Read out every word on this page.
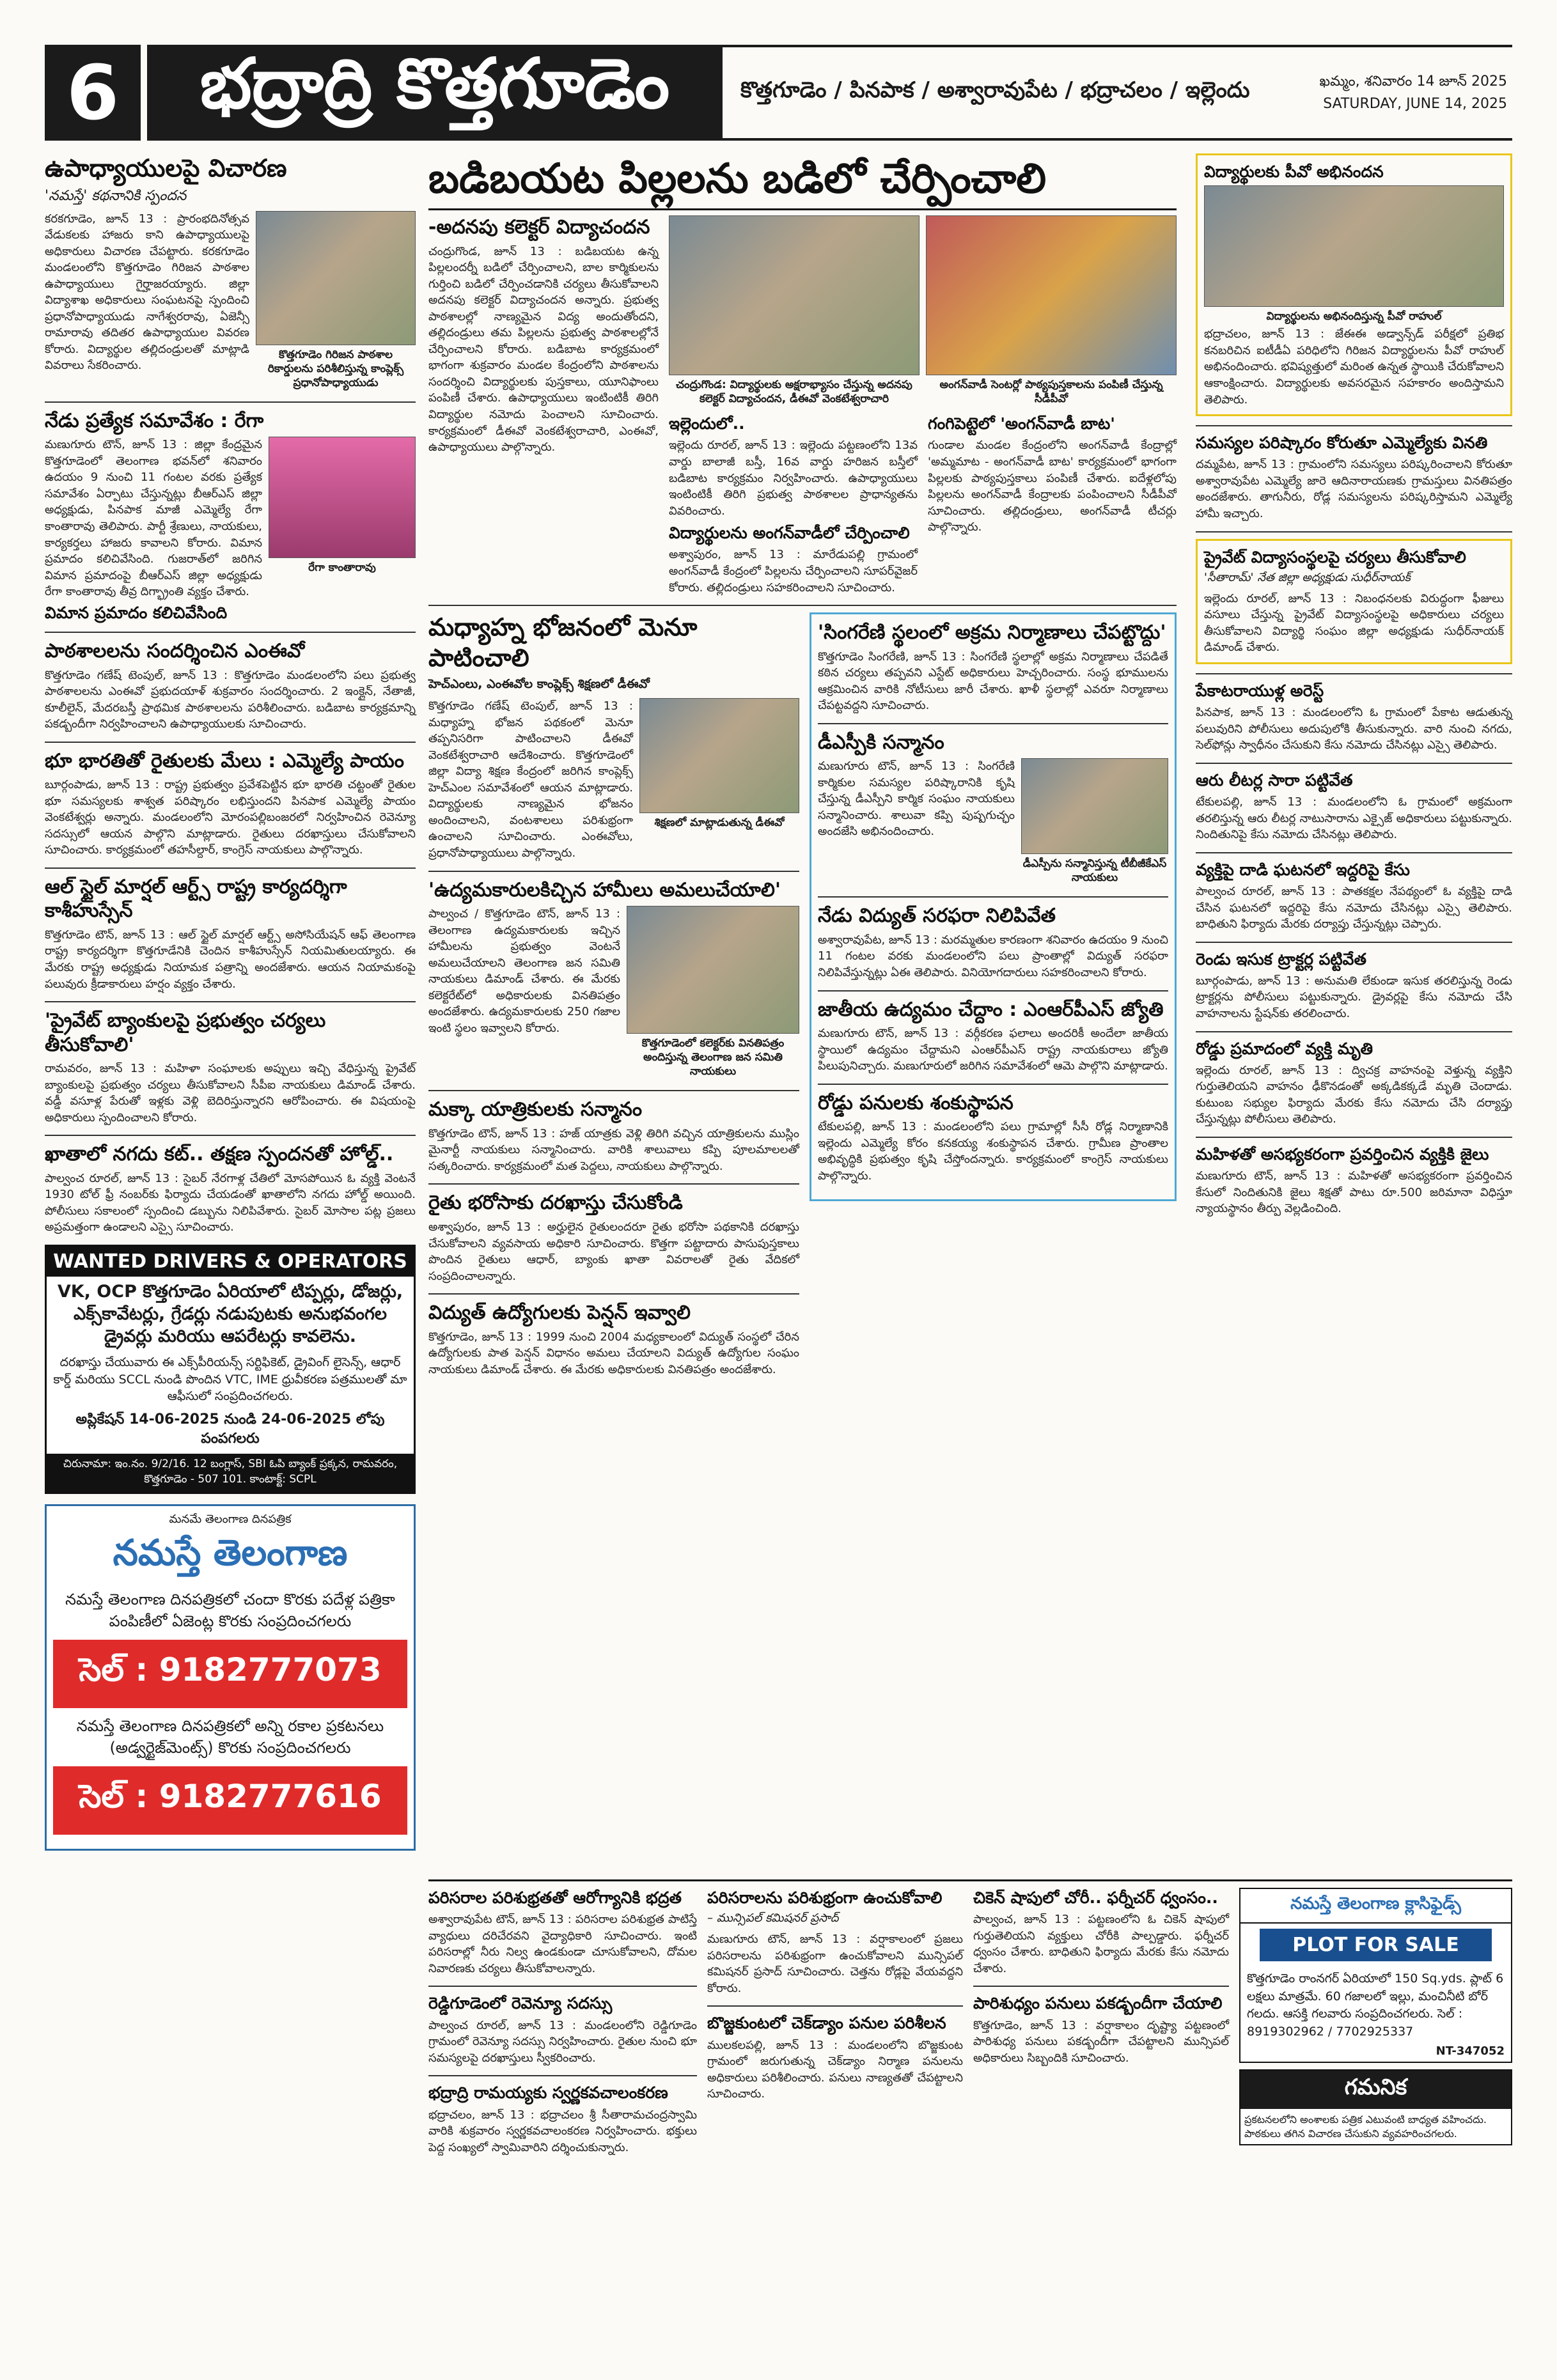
6	భద్రాద్రి కొత్తగూడెం	కొత్తగూడెం / పినపాక / అశ్వారావుపేట / భద్రాచలం / ఇల్లెందు	ఖమ్మం, శనివారం 14 జూన్ 2025
SATURDAY, JUNE 14, 2025
ఉపాధ్యాయులపై విచారణ
'నమస్తే' కథనానికి స్పందన
కరకగూడెం, జూన్ 13 : ప్రారంభదినోత్సవ వేడుకలకు హాజరు కాని ఉపాధ్యాయులపై అధికారులు విచారణ చేపట్టారు. కరకగూడెం మండలంలోని కొత్తగూడెం గిరిజన పాఠశాల ఉపాధ్యాయులు గైర్హాజరయ్యారు. జిల్లా విద్యాశాఖ అధికారులు సంఘటనపై స్పందించి ప్రధానోపాధ్యాయుడు నాగేశ్వరరావు, ఏజెన్సీ రామారావు తదితర ఉపాధ్యాయుల వివరణ కోరారు. విద్యార్థుల తల్లిదండ్రులతో మాట్లాడి వివరాలు సేకరించారు.
కొత్తగూడెం గిరిజన పాఠశాల రికార్డులను పరిశీలిస్తున్న కాంప్లెక్స్ ప్రధానోపాధ్యాయుడు
నేడు ప్రత్యేక సమావేశం : రేగా
మణుగూరు టౌన్, జూన్ 13 : జిల్లా కేంద్రమైన కొత్తగూడెంలో తెలంగాణ భవన్‌లో శనివారం ఉదయం 9 నుంచి 11 గంటల వరకు ప్రత్యేక సమావేశం ఏర్పాటు చేస్తున్నట్లు బీఆర్‌ఎస్ జిల్లా అధ్యక్షుడు, పినపాక మాజీ ఎమ్మెల్యే రేగా కాంతారావు తెలిపారు. పార్టీ శ్రేణులు, నాయకులు, కార్యకర్తలు హాజరు కావాలని కోరారు. విమాన ప్రమాదం కలిచివేసింది. గుజరాత్‌లో జరిగిన విమాన ప్రమాదంపై బీఆర్‌ఎస్ జిల్లా అధ్యక్షుడు రేగా కాంతారావు తీవ్ర దిగ్భ్రాంతి వ్యక్తం చేశారు.
రేగా కాంతారావు
విమాన ప్రమాదం కలిచివేసింది
పాఠశాలలను సందర్శించిన ఎంఈవో
కొత్తగూడెం గణేష్ టెంపుల్, జూన్ 13 : కొత్తగూడెం మండలంలోని పలు ప్రభుత్వ పాఠశాలలను ఎంఈవో ప్రభుదయాళ్ శుక్రవారం సందర్శించారు. 2 ఇంక్లైన్, నేతాజీ, కూలీలైన్, మేదరబస్తీ ప్రాథమిక పాఠశాలలను పరిశీలించారు. బడిబాట కార్యక్రమాన్ని పకడ్బందీగా నిర్వహించాలని ఉపాధ్యాయులకు సూచించారు.
భూ భారతితో రైతులకు మేలు : ఎమ్మెల్యే పాయం
బూర్గంపాడు, జూన్ 13 : రాష్ట్ర ప్రభుత్వం ప్రవేశపెట్టిన భూ భారతి చట్టంతో రైతుల భూ సమస్యలకు శాశ్వత పరిష్కారం లభిస్తుందని పినపాక ఎమ్మెల్యే పాయం వెంకటేశ్వర్లు అన్నారు. మండలంలోని మోరంపల్లిబంజరలో నిర్వహించిన రెవెన్యూ సదస్సులో ఆయన పాల్గొని మాట్లాడారు. రైతులు దరఖాస్తులు చేసుకోవాలని సూచించారు. కార్యక్రమంలో తహసీల్దార్, కాంగ్రెస్ నాయకులు పాల్గొన్నారు.
ఆల్ స్టైల్ మార్షల్ ఆర్ట్స్ రాష్ట్ర కార్యదర్శిగా కాశీహుస్సేన్
కొత్తగూడెం టౌన్, జూన్ 13 : ఆల్ స్టైల్ మార్షల్ ఆర్ట్స్ అసోసియేషన్ ఆఫ్ తెలంగాణ రాష్ట్ర కార్యదర్శిగా కొత్తగూడేనికి చెందిన కాశీహుస్సేన్ నియమితులయ్యారు. ఈ మేరకు రాష్ట్ర అధ్యక్షుడు నియామక పత్రాన్ని అందజేశారు. ఆయన నియామకంపై పలువురు క్రీడాకారులు హర్షం వ్యక్తం చేశారు.
'ప్రైవేట్ బ్యాంకులపై ప్రభుత్వం చర్యలు తీసుకోవాలి'
రామవరం, జూన్ 13 : మహిళా సంఘాలకు అప్పులు ఇచ్చి వేధిస్తున్న ప్రైవేట్ బ్యాంకులపై ప్రభుత్వం చర్యలు తీసుకోవాలని సీపీఐ నాయకులు డిమాండ్ చేశారు. వడ్డీ వసూళ్ల పేరుతో ఇళ్లకు వెళ్లి బెదిరిస్తున్నారని ఆరోపించారు. ఈ విషయంపై అధికారులు స్పందించాలని కోరారు.
ఖాతాలో నగదు కట్.. తక్షణ స్పందనతో హోల్డ్..
పాల్వంచ రూరల్, జూన్ 13 : సైబర్ నేరగాళ్ల చేతిలో మోసపోయిన ఓ వ్యక్తి వెంటనే 1930 టోల్ ఫ్రీ నంబర్‌కు ఫిర్యాదు చేయడంతో ఖాతాలోని నగదు హోల్డ్ అయింది. పోలీసులు సకాలంలో స్పందించి డబ్బును నిలిపివేశారు. సైబర్ మోసాల పట్ల ప్రజలు అప్రమత్తంగా ఉండాలని ఎస్సై సూచించారు.
WANTED DRIVERS & OPERATORS
VK, OCP కొత్తగూడెం ఏరియాలో టిప్పర్లు, డోజర్లు, ఎక్స్‌కావేటర్లు, గ్రేడర్లు నడుపుటకు అనుభవంగల డ్రైవర్లు మరియు ఆపరేటర్లు కావలెను.
దరఖాస్తు చేయువారు ఈ ఎక్స్‌పీరియన్స్ సర్టిఫికెట్, డ్రైవింగ్ లైసెన్స్, ఆధార్ కార్డ్ మరియు SCCL నుండి పొందిన VTC, IME ధ్రువీకరణ పత్రములతో మా ఆఫీసులో సంప్రదించగలరు.
అప్లికేషన్ 14-06-2025 నుండి 24-06-2025 లోపు పంపగలరు
చిరునామా: ఇం.నం. 9/2/16. 12 బంగ్లాస్, SBI ఓపి బ్యాంక్ ప్రక్కన, రామవరం, కొత్తగూడెం - 507 101. కాంటాక్ట్: SCPL
మనమే తెలంగాణ దినపత్రిక
నమస్తే తెలంగాణ
నమస్తే తెలంగాణ దినపత్రికలో చందా కొరకు పదేళ్ల పత్రికా పంపిణీలో ఏజెంట్ల కొరకు సంప్రదించగలరు
సెల్ : 9182777073
నమస్తే తెలంగాణ దినపత్రికలో అన్ని రకాల ప్రకటనలు (అడ్వర్టైజ్‌మెంట్స్) కొరకు సంప్రదించగలరు
సెల్ : 9182777616
బడిబయట పిల్లలను బడిలో చేర్పించాలి
-అదనపు కలెక్టర్ విద్యాచందన
చంద్రుగొండ, జూన్ 13 : బడిబయట ఉన్న పిల్లలందర్నీ బడిలో చేర్పించాలని, బాల కార్మికులను గుర్తించి బడిలో చేర్పించడానికి చర్యలు తీసుకోవాలని అదనపు కలెక్టర్ విద్యాచందన అన్నారు. ప్రభుత్వ పాఠశాలల్లో నాణ్యమైన విద్య అందుతోందని, తల్లిదండ్రులు తమ పిల్లలను ప్రభుత్వ పాఠశాలల్లోనే చేర్పించాలని కోరారు. బడిబాట కార్యక్రమంలో భాగంగా శుక్రవారం మండల కేంద్రంలోని పాఠశాలను సందర్శించి విద్యార్థులకు పుస్తకాలు, యూనిఫాంలు పంపిణీ చేశారు. ఉపాధ్యాయులు ఇంటింటికీ తిరిగి విద్యార్థుల నమోదు పెంచాలని సూచించారు. కార్యక్రమంలో డీఈవో వెంకటేశ్వరాచారి, ఎంఈవో, ఉపాధ్యాయులు పాల్గొన్నారు.
చంద్రుగొండ: విద్యార్థులకు అక్షరాభ్యాసం చేస్తున్న అదనపు కలెక్టర్ విద్యాచందన, డీఈవో వెంకటేశ్వరాచారి
అంగన్‌వాడీ సెంటర్లో పాఠ్యపుస్తకాలను పంపిణీ చేస్తున్న సీడీపీవో
ఇల్లెందులో..
ఇల్లెందు రూరల్, జూన్ 13 : ఇల్లెందు పట్టణంలోని 13వ వార్డు బాలాజీ బస్తీ, 16వ వార్డు హరిజన బస్తీలో బడిబాట కార్యక్రమం నిర్వహించారు. ఉపాధ్యాయులు ఇంటింటికీ తిరిగి ప్రభుత్వ పాఠశాలల ప్రాధాన్యతను వివరించారు.
విద్యార్థులను అంగన్‌వాడీలో చేర్పించాలి
అశ్వాపురం, జూన్ 13 : మారేడుపల్లి గ్రామంలో అంగన్‌వాడీ కేంద్రంలో పిల్లలను చేర్పించాలని సూపర్‌వైజర్ కోరారు. తల్లిదండ్రులు సహకరించాలని సూచించారు.
గంగిపెట్టెలో 'అంగన్‌వాడీ బాట'
గుండాల మండల కేంద్రంలోని అంగన్‌వాడీ కేంద్రాల్లో 'అమ్మమాట - అంగన్‌వాడీ బాట' కార్యక్రమంలో భాగంగా పిల్లలకు పాఠ్యపుస్తకాలు పంపిణీ చేశారు. ఐదేళ్లలోపు పిల్లలను అంగన్‌వాడీ కేంద్రాలకు పంపించాలని సీడీపీవో సూచించారు. తల్లిదండ్రులు, అంగన్‌వాడీ టీచర్లు పాల్గొన్నారు.
మధ్యాహ్న భోజనంలో మెనూ పాటించాలి
హెచ్ఎంలు, ఎంఈవోల కాంప్లెక్స్ శిక్షణలో డీఈవో
కొత్తగూడెం గణేష్ టెంపుల్, జూన్ 13 : మధ్యాహ్న భోజన పథకంలో మెనూ తప్పనిసరిగా పాటించాలని డీఈవో వెంకటేశ్వరాచారి ఆదేశించారు. కొత్తగూడెంలో జిల్లా విద్యా శిక్షణ కేంద్రంలో జరిగిన కాంప్లెక్స్ హెచ్ఎంల సమావేశంలో ఆయన మాట్లాడారు. విద్యార్థులకు నాణ్యమైన భోజనం అందించాలని, వంటశాలలు పరిశుభ్రంగా ఉంచాలని సూచించారు. ఎంఈవోలు, ప్రధానోపాధ్యాయులు పాల్గొన్నారు.
శిక్షణలో మాట్లాడుతున్న డీఈవో
'ఉద్యమకారులకిచ్చిన హామీలు అమలుచేయాలి'
పాల్వంచ / కొత్తగూడెం టౌన్, జూన్ 13 : తెలంగాణ ఉద్యమకారులకు ఇచ్చిన హామీలను ప్రభుత్వం వెంటనే అమలుచేయాలని తెలంగాణ జన సమితి నాయకులు డిమాండ్ చేశారు. ఈ మేరకు కలెక్టరేట్‌లో అధికారులకు వినతిపత్రం అందజేశారు. ఉద్యమకారులకు 250 గజాల ఇంటి స్థలం ఇవ్వాలని కోరారు.
కొత్తగూడెంలో కలెక్టర్‌కు వినతిపత్రం అందిస్తున్న తెలంగాణ జన సమితి నాయకులు
మక్కా యాత్రికులకు సన్మానం
కొత్తగూడెం టౌన్, జూన్ 13 : హజ్ యాత్రకు వెళ్లి తిరిగి వచ్చిన యాత్రికులను ముస్లిం మైనార్టీ నాయకులు సన్మానించారు. వారికి శాలువాలు కప్పి పూలమాలలతో సత్కరించారు. కార్యక్రమంలో మత పెద్దలు, నాయకులు పాల్గొన్నారు.
రైతు భరోసాకు దరఖాస్తు చేసుకోండి
అశ్వాపురం, జూన్ 13 : అర్హులైన రైతులందరూ రైతు భరోసా పథకానికి దరఖాస్తు చేసుకోవాలని వ్యవసాయ అధికారి సూచించారు. కొత్తగా పట్టాదారు పాసుపుస్తకాలు పొందిన రైతులు ఆధార్, బ్యాంకు ఖాతా వివరాలతో రైతు వేదికలో సంప్రదించాలన్నారు.
విద్యుత్ ఉద్యోగులకు పెన్షన్ ఇవ్వాలి
కొత్తగూడెం, జూన్ 13 : 1999 నుంచి 2004 మధ్యకాలంలో విద్యుత్ సంస్థలో చేరిన ఉద్యోగులకు పాత పెన్షన్ విధానం అమలు చేయాలని విద్యుత్ ఉద్యోగుల సంఘం నాయకులు డిమాండ్ చేశారు. ఈ మేరకు అధికారులకు వినతిపత్రం అందజేశారు.
'సింగరేణి స్థలంలో అక్రమ నిర్మాణాలు చేపట్టొద్దు'
కొత్తగూడెం సింగరేణి, జూన్ 13 : సింగరేణి స్థలాల్లో అక్రమ నిర్మాణాలు చేపడితే కఠిన చర్యలు తప్పవని ఎస్టేట్ అధికారులు హెచ్చరించారు. సంస్థ భూములను ఆక్రమించిన వారికి నోటీసులు జారీ చేశారు. ఖాళీ స్థలాల్లో ఎవరూ నిర్మాణాలు చేపట్టవద్దని సూచించారు.
డీఎస్పీకి సన్మానం
మణుగూరు టౌన్, జూన్ 13 : సింగరేణి కార్మికుల సమస్యల పరిష్కారానికి కృషి చేస్తున్న డీఎస్పీని కార్మిక సంఘం నాయకులు సన్మానించారు. శాలువా కప్పి పుష్పగుచ్ఛం అందజేసి అభినందించారు.
డీఎస్పీను సన్మానిస్తున్న టీబీజీకేఎస్ నాయకులు
నేడు విద్యుత్ సరఫరా నిలిపివేత
అశ్వారావుపేట, జూన్ 13 : మరమ్మతుల కారణంగా శనివారం ఉదయం 9 నుంచి 11 గంటల వరకు మండలంలోని పలు ప్రాంతాల్లో విద్యుత్ సరఫరా నిలిపివేస్తున్నట్లు ఏఈ తెలిపారు. వినియోగదారులు సహకరించాలని కోరారు.
జాతీయ ఉద్యమం చేద్దాం : ఎంఆర్‌పీఎస్ జ్యోతి
మణుగూరు టౌన్, జూన్ 13 : వర్గీకరణ ఫలాలు అందరికీ అందేలా జాతీయ స్థాయిలో ఉద్యమం చేద్దామని ఎంఆర్‌పీఎస్ రాష్ట్ర నాయకురాలు జ్యోతి పిలుపునిచ్చారు. మణుగూరులో జరిగిన సమావేశంలో ఆమె పాల్గొని మాట్లాడారు.
రోడ్డు పనులకు శంకుస్థాపన
టేకులపల్లి, జూన్ 13 : మండలంలోని పలు గ్రామాల్లో సీసీ రోడ్ల నిర్మాణానికి ఇల్లెందు ఎమ్మెల్యే కోరం కనకయ్య శంకుస్థాపన చేశారు. గ్రామీణ ప్రాంతాల అభివృద్ధికి ప్రభుత్వం కృషి చేస్తోందన్నారు. కార్యక్రమంలో కాంగ్రెస్ నాయకులు పాల్గొన్నారు.
విద్యార్థులకు పీవో అభినందన
విద్యార్థులను అభినందిస్తున్న పీవో రాహుల్
భద్రాచలం, జూన్ 13 : జేఈఈ అడ్వాన్స్‌డ్ పరీక్షలో ప్రతిభ కనబరిచిన ఐటీడీఏ పరిధిలోని గిరిజన విద్యార్థులను పీవో రాహుల్ అభినందించారు. భవిష్యత్తులో మరింత ఉన్నత స్థాయికి చేరుకోవాలని ఆకాంక్షించారు. విద్యార్థులకు అవసరమైన సహకారం అందిస్తామని తెలిపారు.
సమస్యల పరిష్కారం కోరుతూ ఎమ్మెల్యేకు వినతి
దమ్మపేట, జూన్ 13 : గ్రామంలోని సమస్యలు పరిష్కరించాలని కోరుతూ అశ్వారావుపేట ఎమ్మెల్యే జారె ఆదినారాయణకు గ్రామస్తులు వినతిపత్రం అందజేశారు. తాగునీరు, రోడ్ల సమస్యలను పరిష్కరిస్తామని ఎమ్మెల్యే హామీ ఇచ్చారు.
ప్రైవేట్ విద్యాసంస్థలపై చర్యలు తీసుకోవాలి
'సీతారామ్' నేత జిల్లా అధ్యక్షుడు సుధీర్‌నాయక్
ఇల్లెందు రూరల్, జూన్ 13 : నిబంధనలకు విరుద్ధంగా ఫీజులు వసూలు చేస్తున్న ప్రైవేట్ విద్యాసంస్థలపై అధికారులు చర్యలు తీసుకోవాలని విద్యార్థి సంఘం జిల్లా అధ్యక్షుడు సుధీర్‌నాయక్ డిమాండ్ చేశారు.
పేకాటరాయుళ్ల అరెస్ట్
పినపాక, జూన్ 13 : మండలంలోని ఓ గ్రామంలో పేకాట ఆడుతున్న పలువురిని పోలీసులు అదుపులోకి తీసుకున్నారు. వారి నుంచి నగదు, సెల్‌ఫోన్లు స్వాధీనం చేసుకుని కేసు నమోదు చేసినట్లు ఎస్సై తెలిపారు.
ఆరు లీటర్ల సారా పట్టివేత
టేకులపల్లి, జూన్ 13 : మండలంలోని ఓ గ్రామంలో అక్రమంగా తరలిస్తున్న ఆరు లీటర్ల నాటుసారాను ఎక్సైజ్ అధికారులు పట్టుకున్నారు. నిందితునిపై కేసు నమోదు చేసినట్లు తెలిపారు.
వ్యక్తిపై దాడి ఘటనలో ఇద్దరిపై కేసు
పాల్వంచ రూరల్, జూన్ 13 : పాతకక్షల నేపథ్యంలో ఓ వ్యక్తిపై దాడి చేసిన ఘటనలో ఇద్దరిపై కేసు నమోదు చేసినట్లు ఎస్సై తెలిపారు. బాధితుని ఫిర్యాదు మేరకు దర్యాప్తు చేస్తున్నట్లు చెప్పారు.
రెండు ఇసుక ట్రాక్టర్ల పట్టివేత
బూర్గంపాడు, జూన్ 13 : అనుమతి లేకుండా ఇసుక తరలిస్తున్న రెండు ట్రాక్టర్లను పోలీసులు పట్టుకున్నారు. డ్రైవర్లపై కేసు నమోదు చేసి వాహనాలను స్టేషన్‌కు తరలించారు.
రోడ్డు ప్రమాదంలో వ్యక్తి మృతి
ఇల్లెందు రూరల్, జూన్ 13 : ద్విచక్ర వాహనంపై వెళ్తున్న వ్యక్తిని గుర్తుతెలియని వాహనం ఢీకొనడంతో అక్కడికక్కడే మృతి చెందాడు. కుటుంబ సభ్యుల ఫిర్యాదు మేరకు కేసు నమోదు చేసి దర్యాప్తు చేస్తున్నట్లు పోలీసులు తెలిపారు.
మహిళతో అసభ్యకరంగా ప్రవర్తించిన వ్యక్తికి జైలు
మణుగూరు టౌన్, జూన్ 13 : మహిళతో అసభ్యకరంగా ప్రవర్తించిన కేసులో నిందితునికి జైలు శిక్షతో పాటు రూ.500 జరిమానా విధిస్తూ న్యాయస్థానం తీర్పు వెల్లడించింది.
పరిసరాల పరిశుభ్రతతో ఆరోగ్యానికి భద్రత
అశ్వారావుపేట టౌన్, జూన్ 13 : పరిసరాల పరిశుభ్రత పాటిస్తే వ్యాధులు దరిచేరవని వైద్యాధికారి సూచించారు. ఇంటి పరిసరాల్లో నీరు నిల్వ ఉండకుండా చూసుకోవాలని, దోమల నివారణకు చర్యలు తీసుకోవాలన్నారు.
రెడ్డిగూడెంలో రెవెన్యూ సదస్సు
పాల్వంచ రూరల్, జూన్ 13 : మండలంలోని రెడ్డిగూడెం గ్రామంలో రెవెన్యూ సదస్సు నిర్వహించారు. రైతుల నుంచి భూ సమస్యలపై దరఖాస్తులు స్వీకరించారు.
భద్రాద్రి రామయ్యకు స్వర్ణకవచాలంకరణ
భద్రాచలం, జూన్ 13 : భద్రాచలం శ్రీ సీతారామచంద్రస్వామి వారికి శుక్రవారం స్వర్ణకవచాలంకరణ నిర్వహించారు. భక్తులు పెద్ద సంఖ్యలో స్వామివారిని దర్శించుకున్నారు.
పరిసరాలను పరిశుభ్రంగా ఉంచుకోవాలి
– మున్సిపల్ కమిషనర్ ప్రసాద్
మణుగూరు టౌన్, జూన్ 13 : వర్షాకాలంలో ప్రజలు పరిసరాలను పరిశుభ్రంగా ఉంచుకోవాలని మున్సిపల్ కమిషనర్ ప్రసాద్ సూచించారు. చెత్తను రోడ్లపై వేయవద్దని కోరారు.
బొజ్జకుంటలో చెక్‌డ్యాం పనుల పరిశీలన
ములకలపల్లి, జూన్ 13 : మండలంలోని బొజ్జకుంట గ్రామంలో జరుగుతున్న చెక్‌డ్యాం నిర్మాణ పనులను అధికారులు పరిశీలించారు. పనులు నాణ్యతతో చేపట్టాలని సూచించారు.
చికెన్ షాపులో చోరీ.. ఫర్నీచర్ ధ్వంసం..
పాల్వంచ, జూన్ 13 : పట్టణంలోని ఓ చికెన్ షాపులో గుర్తుతెలియని వ్యక్తులు చోరీకి పాల్పడ్డారు. ఫర్నీచర్ ధ్వంసం చేశారు. బాధితుని ఫిర్యాదు మేరకు కేసు నమోదు చేశారు.
పారిశుధ్యం పనులు పకడ్బందీగా చేయాలి
కొత్తగూడెం, జూన్ 13 : వర్షాకాలం దృష్ట్యా పట్టణంలో పారిశుధ్య పనులు పకడ్బందీగా చేపట్టాలని మున్సిపల్ అధికారులు సిబ్బందికి సూచించారు.
నమస్తే తెలంగాణ క్లాసిఫైడ్స్
PLOT FOR SALE
కొత్తగూడెం రాంనగర్ ఏరియాలో 150 Sq.yds. ప్లాట్ 6 లక్షలు మాత్రమే. 60 గజాలలో ఇల్లు, మంచినీటి బోర్ గలదు. ఆసక్తి గలవారు సంప్రదించగలరు. సెల్ : 8919302962 / 7702925337
NT-347052
గమనిక
ప్రకటనలలోని అంశాలకు పత్రిక ఎటువంటి బాధ్యత వహించదు. పాఠకులు తగిన విచారణ చేసుకుని వ్యవహరించగలరు.
